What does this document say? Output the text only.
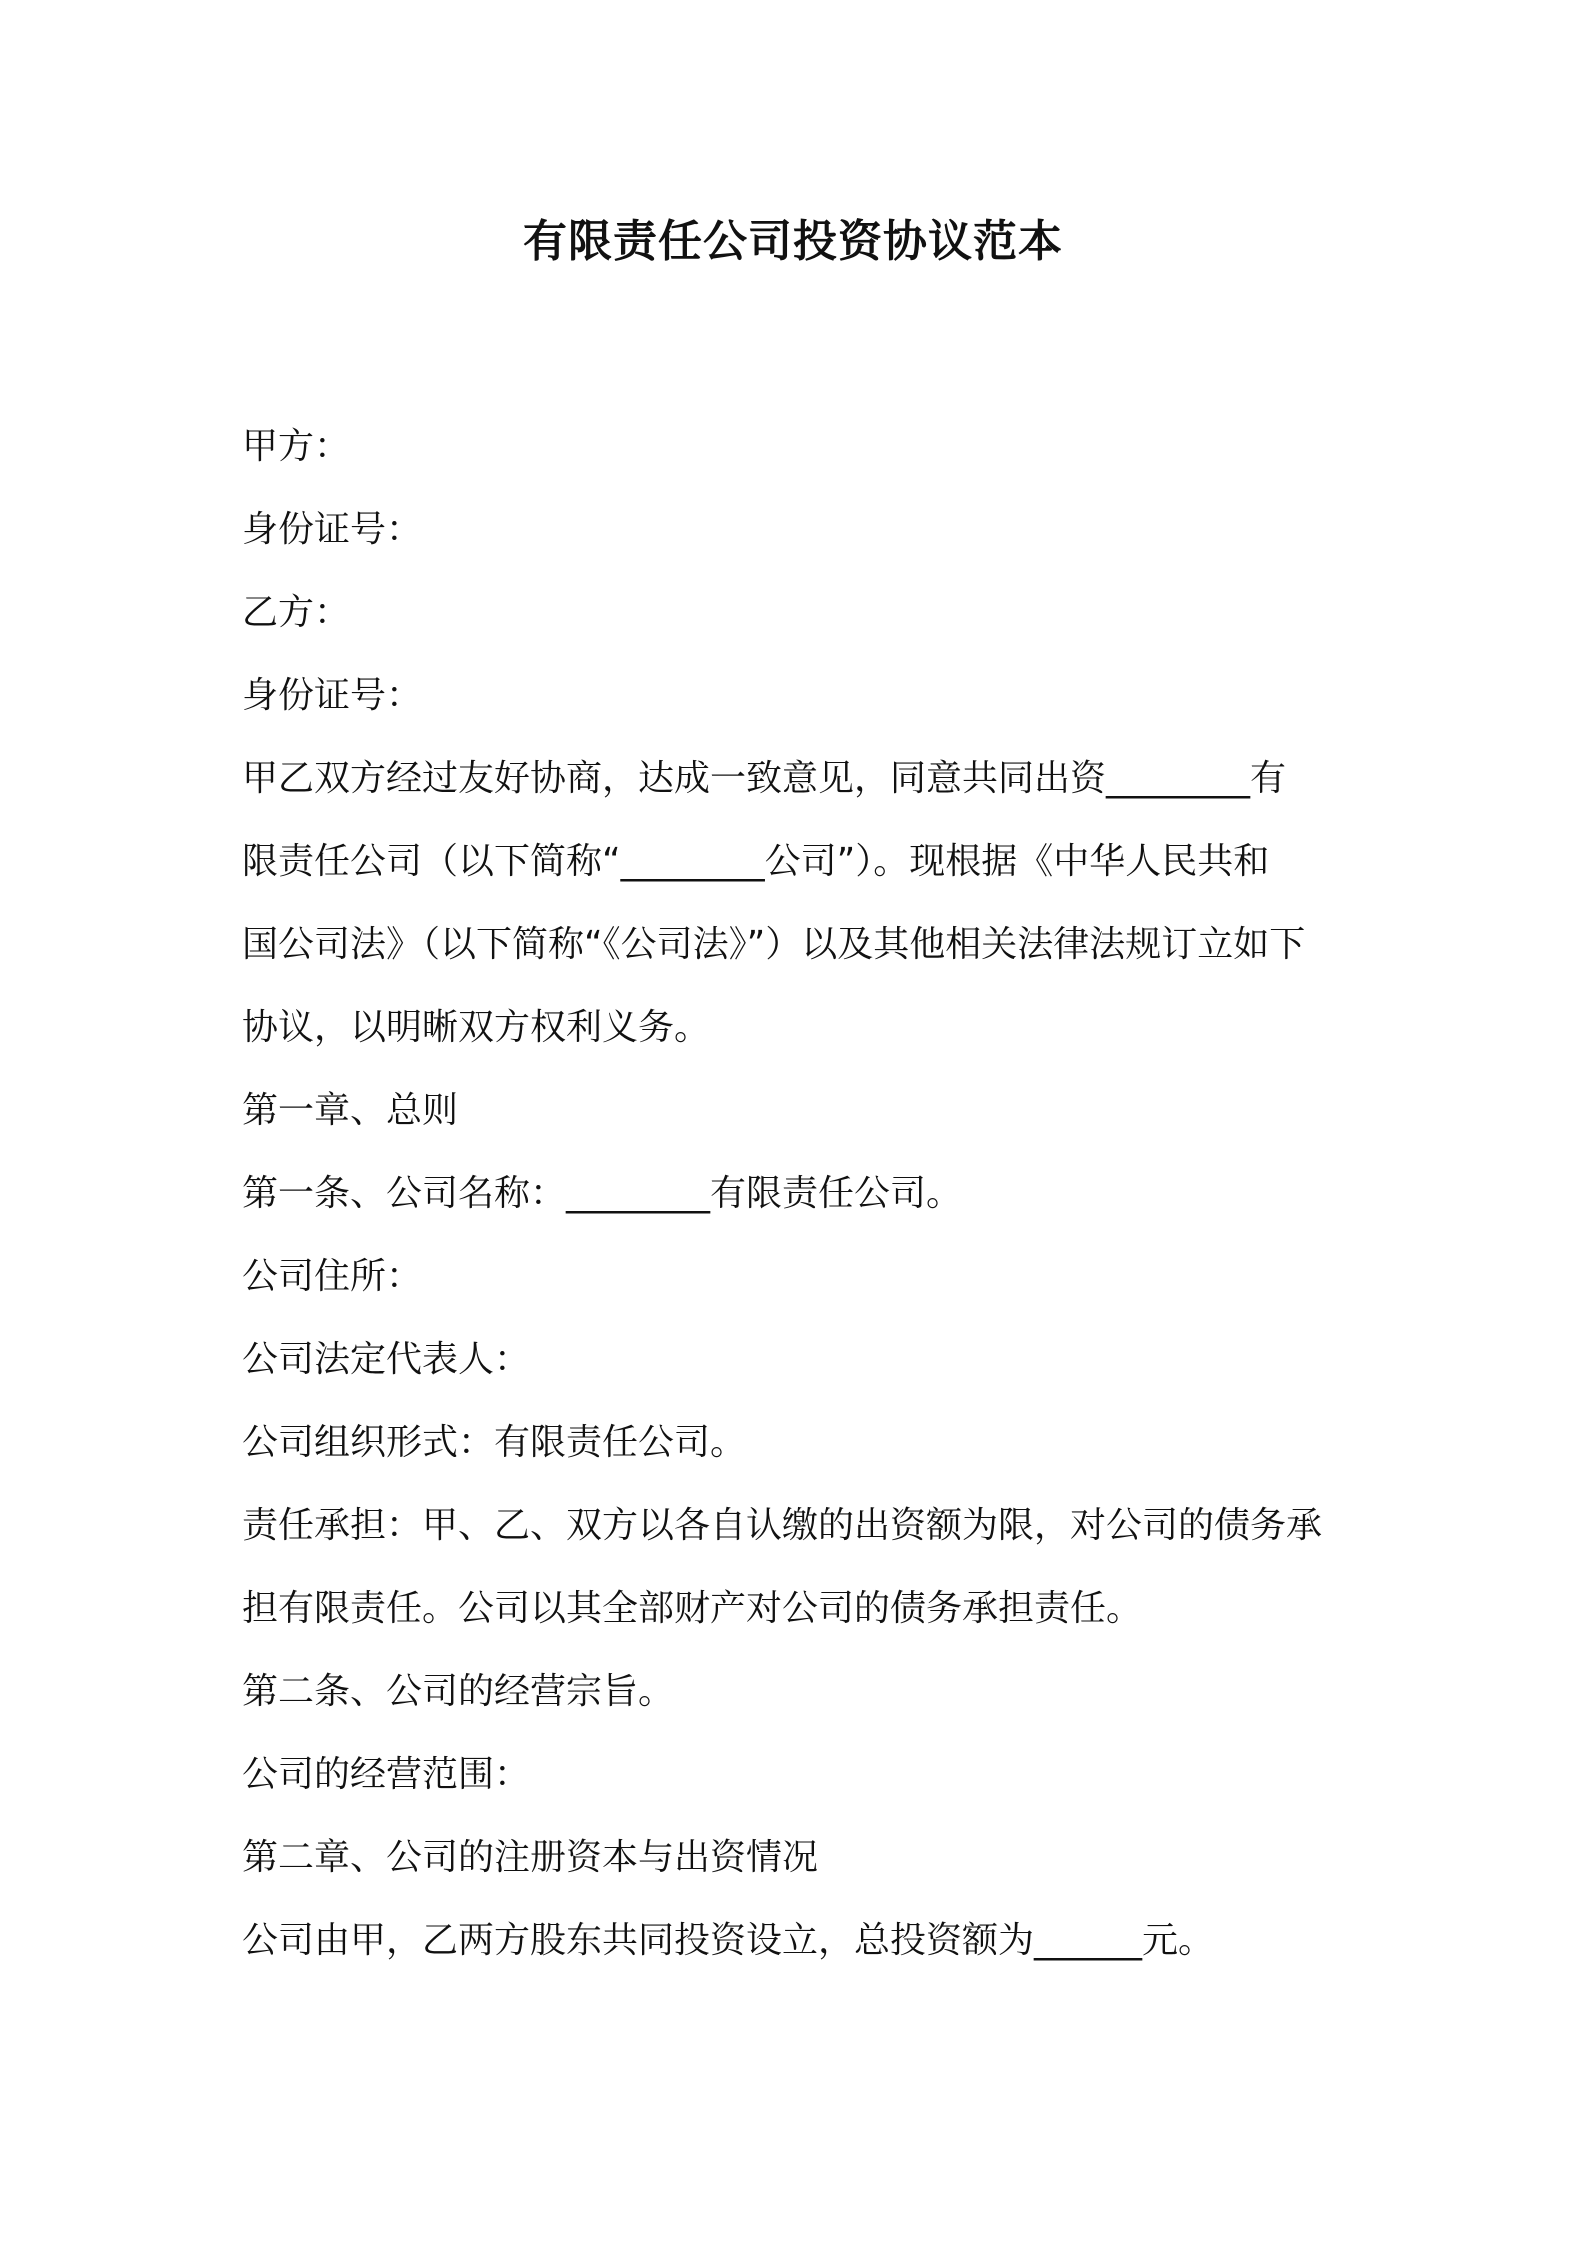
有限责任公司投资协议范本
甲方：
身份证号：
乙方：
身份证号：
甲乙双方经过友好协商，达成一致意见，同意共同出资________有
限责任公司（以下简称“________公司”）。现根据《中华人民共和
国公司法》（以下简称“《公司法》”）以及其他相关法律法规订立如下
协议，以明晰双方权利义务。
第一章、总则
第一条、公司名称：________有限责任公司。
公司住所：
公司法定代表人：
公司组织形式：有限责任公司。
责任承担：甲、乙、双方以各自认缴的出资额为限，对公司的债务承
担有限责任。公司以其全部财产对公司的债务承担责任。
第二条、公司的经营宗旨。
公司的经营范围：
第二章、公司的注册资本与出资情况
公司由甲，乙两方股东共同投资设立，总投资额为______元。
